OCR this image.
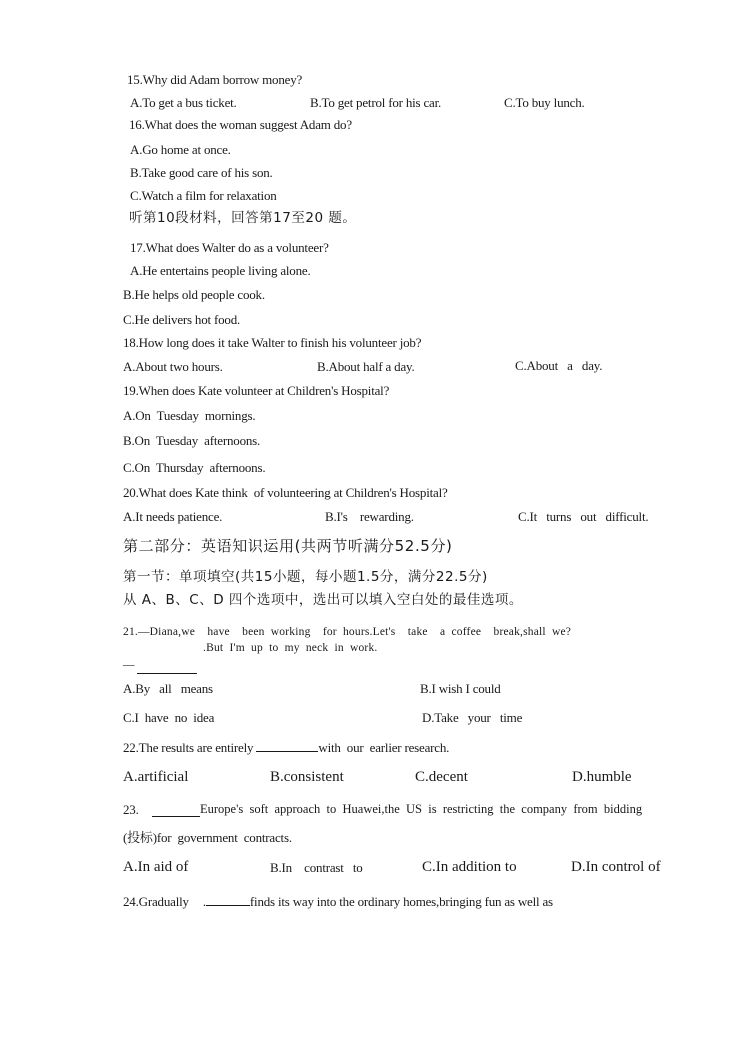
15.Why did Adam borrow money?
A.To get a bus ticket.	B.To get petrol for his car.	C.To buy lunch.
16.What does the woman suggest Adam do?
A.Go home at once.
B.Take good care of his son.
C.Watch a film for relaxation
听第10段材料，回答第17至20 题。
17.What does Walter do as a volunteer?
A.He entertains people living alone.
B.He helps old people cook.
C.He delivers hot food.
18.How long does it take Walter to finish his volunteer job?
A.About two hours.	B.About half a day.	C.About   a   day.
19.When does Kate volunteer at Children's Hospital?
A.On  Tuesday  mornings.
B.On  Tuesday  afternoons.
C.On  Thursday  afternoons.
20.What does Kate think  of volunteering at Children's Hospital?
A.It needs patience.	B.I's    rewarding.	C.It   turns   out   difficult.
第二部分：英语知识运用(共两节听满分52.5分)
第一节：单项填空(共15小题，每小题1.5分，满分22.5分)
从 A、B、C、D 四个选项中，选出可以填入空白处的最佳选项。
21.—Diana,we    have    been  working    for  hours.Let's    take    a  coffee    break,shall  we?
.But  I'm  up  to  my  neck  in  work.
—
A.By   all   means	B.I wish I could
C.I  have  no  idea	D.Take   your   time
22.The results are entirely	with  our  earlier research.
A.artificial	B.consistent	C.decent	D.humble
23.	Europe's  soft  approach  to  Huawei,the  US  is  restricting  the  company  from  bidding
(投标)for  government  contracts.
A.In aid of	B.In    contrast   to	C.In addition to	D.In control of
24.Gradually .	finds its way into the ordinary homes,bringing fun as well as
